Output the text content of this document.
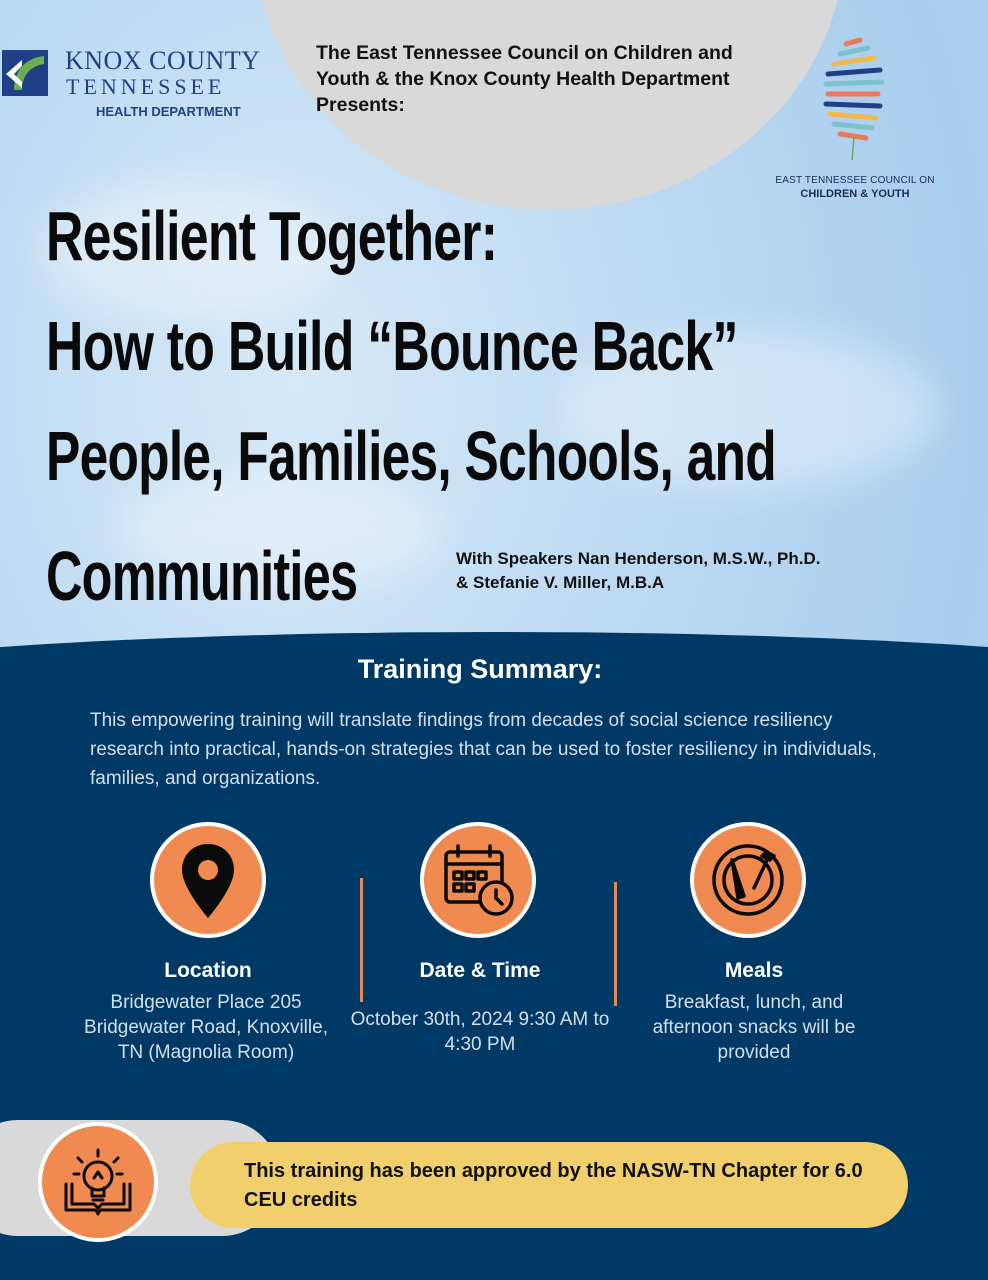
KNOX COUNTY
TENNESSEE
HEALTH DEPARTMENT
The East Tennessee Council on Children and Youth & the Knox County Health Department Presents:
EAST TENNESSEE COUNCIL ON
CHILDREN & YOUTH
Resilient Together:
How to Build “Bounce Back”
People, Families, Schools, and
Communities	With Speakers Nan Henderson, M.S.W., Ph.D.
& Stefanie V. Miller, M.B.A
Training Summary:
This empowering training will translate findings from decades of social science resiliency research into practical, hands-on strategies that can be used to foster resiliency in individuals, families, and organizations.
Location
Bridgewater Place 205 Bridgewater Road, Knoxville, TN (Magnolia Room)
Date & Time
October 30th, 2024 9:30 AM to 4:30 PM
Meals
Breakfast, lunch, and afternoon snacks will be provided
This training has been approved by the NASW-TN Chapter for 6.0 CEU credits
